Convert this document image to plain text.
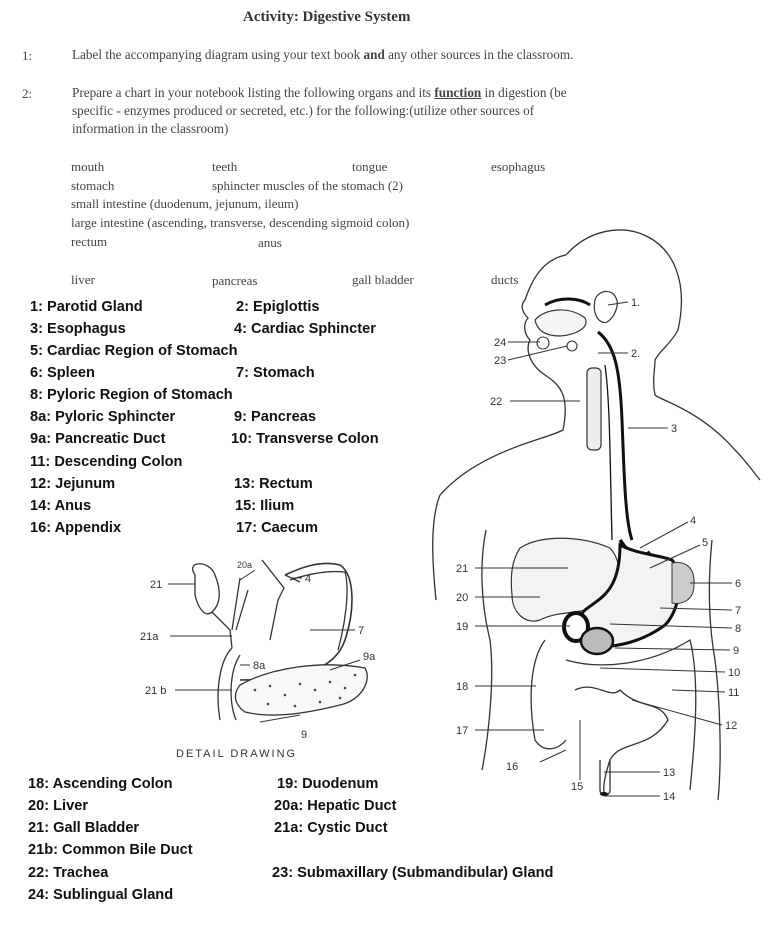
Activity: Digestive System
1:	Label the accompanying diagram using your text book and any other sources in the classroom.
2:	Prepare a chart in your notebook listing the following organs and its function in digestion (be
specific - enzymes produced or secreted, etc.) for the following:(utilize other sources of
information in the classroom)
mouth	teeth	tongue	esophagus
stomach	sphincter muscles of the stomach (2)
small intestine (duodenum, jejunum, ileum)
large intestine (ascending, transverse, descending sigmoid colon)
rectum	anus
liver	pancreas	gall bladder	ducts
1: Parotid Gland	2: Epiglottis
3: Esophagus	4: Cardiac Sphincter
5: Cardiac Region of Stomach
6: Spleen	7: Stomach
8: Pyloric Region of Stomach
8a: Pyloric Sphincter	9: Pancreas
9a: Pancreatic Duct	10: Transverse Colon
11: Descending Colon
12: Jejunum	13: Rectum
14: Anus	15: Ilium
16: Appendix	17: Caecum
18: Ascending Colon	19: Duodenum
20: Liver	20a: Hepatic Duct
21: Gall Bladder	21a: Cystic Duct
21b: Common Bile Duct
22: Trachea	23: Submaxillary (Submandibular) Gland
24: Sublingual Gland
1.
2.
3
4
5
6
7
8
9
10
11
12
13
14
15
16
17
18
19
20
21
22
23
24
21
20a
4
7
21a
8a
9a
21 b
9
DETAIL DRAWING
